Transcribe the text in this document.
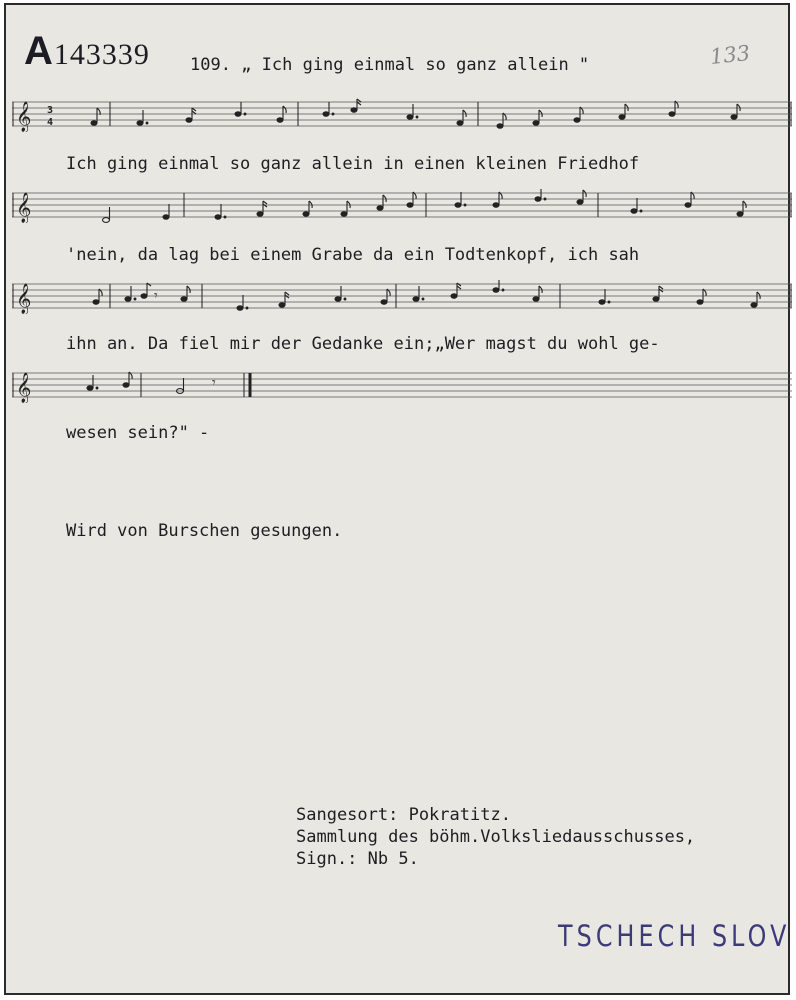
A143339 109. „ Ich ging einmal so ganz allein "	133
𝄞 3
4
Ich ging einmal so ganz allein in einen kleinen Friedhof
𝄞
'nein, da lag bei einem Grabe da ein Todtenkopf, ich sah
𝄞	𝄾
ihn an. Da fiel mir der Gedanke ein;„Wer magst du wohl ge-
𝄞	𝄾
wesen sein?" -
Wird von Burschen gesungen.
Sangesort: Pokratitz.
Sammlung des böhm.Volksliedausschusses,
Sign.: Nb 5.
TSCHECH SLOV
